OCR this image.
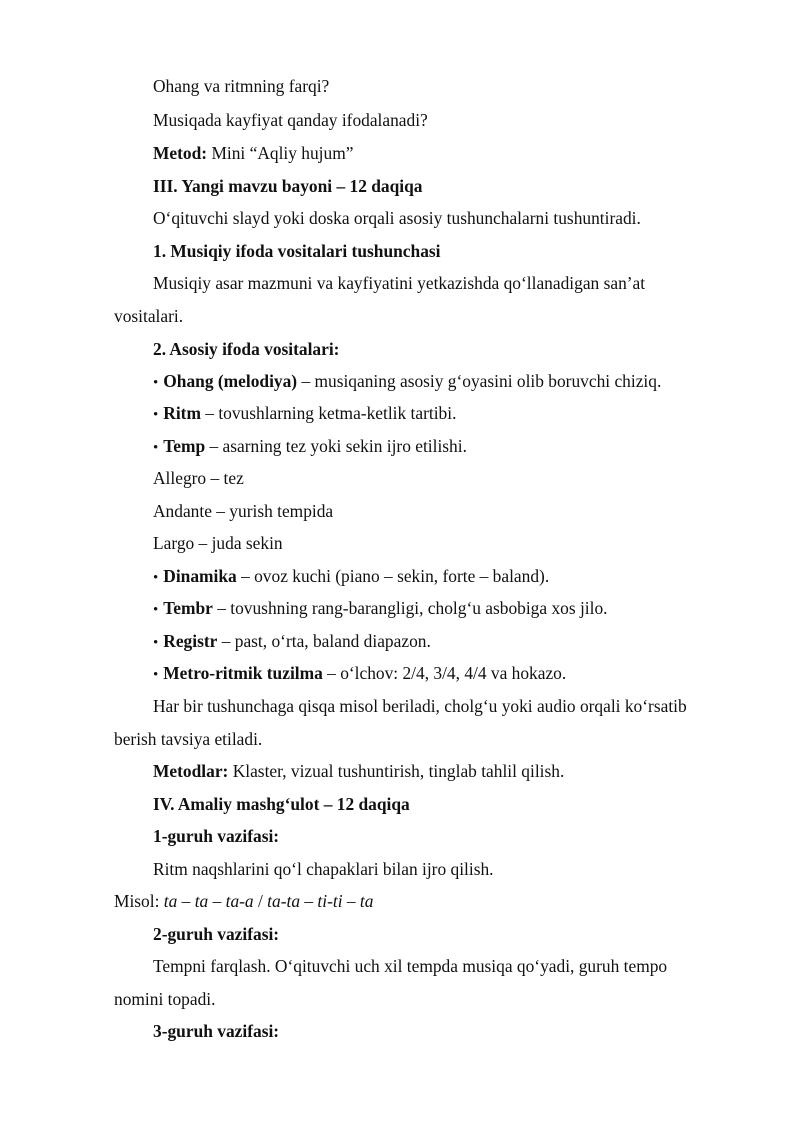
Ohang va ritmning farqi?
Musiqada kayfiyat qanday ifodalanadi?
Metod: Mini “Aqliy hujum”
III. Yangi mavzu bayoni – 12 daqiqa
O‘qituvchi slayd yoki doska orqali asosiy tushunchalarni tushuntiradi.
1. Musiqiy ifoda vositalari tushunchasi
Musiqiy asar mazmuni va kayfiyatini yetkazishda qo‘llanadigan san’at
vositalari.
2. Asosiy ifoda vositalari:
• Ohang (melodiya) – musiqaning asosiy g‘oyasini olib boruvchi chiziq.
• Ritm – tovushlarning ketma-ketlik tartibi.
• Temp – asarning tez yoki sekin ijro etilishi.
Allegro – tez
Andante – yurish tempida
Largo – juda sekin
• Dinamika – ovoz kuchi (piano – sekin, forte – baland).
• Tembr – tovushning rang-barangligi, cholg‘u asbobiga xos jilo.
• Registr – past, o‘rta, baland diapazon.
• Metro-ritmik tuzilma – o‘lchov: 2/4, 3/4, 4/4 va hokazo.
Har bir tushunchaga qisqa misol beriladi, cholg‘u yoki audio orqali ko‘rsatib
berish tavsiya etiladi.
Metodlar: Klaster, vizual tushuntirish, tinglab tahlil qilish.
IV. Amaliy mashg‘ulot – 12 daqiqa
1-guruh vazifasi:
Ritm naqshlarini qo‘l chapaklari bilan ijro qilish.
Misol: ta – ta – ta-a / ta-ta – ti-ti – ta
2-guruh vazifasi:
Tempni farqlash. O‘qituvchi uch xil tempda musiqa qo‘yadi, guruh tempo
nomini topadi.
3-guruh vazifasi:
